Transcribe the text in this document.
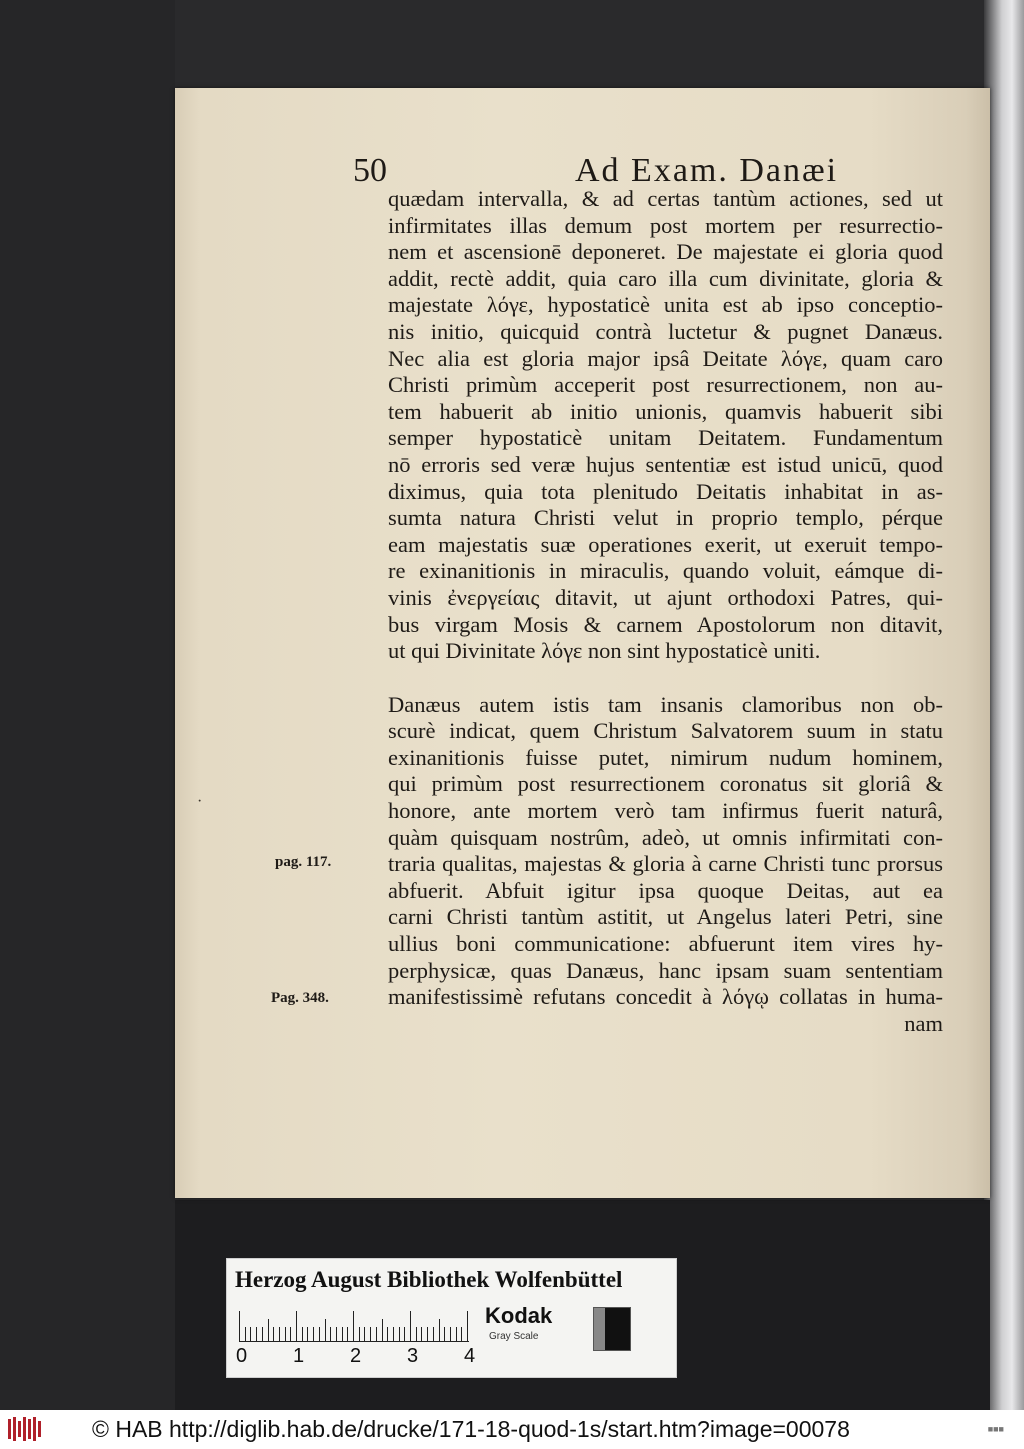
50	Ad Exam. Danæi
quædam intervalla, & ad certas tantùm actiones, sed ut
infirmitates illas demum post mortem per resurrectio-
nem et ascensionē deponeret. De majestate ei gloria quod
addit, rectè addit, quia caro illa cum divinitate, gloria &
majestate λόγε, hypostaticè unita est ab ipso conceptio-
nis initio, quicquid contrà luctetur & pugnet Danæus.
Nec alia est gloria major ipsâ Deitate λόγε, quam caro
Christi primùm acceperit post resurrectionem, non au-
tem habuerit ab initio unionis, quamvis habuerit sibi
semper hypostaticè unitam Deitatem. Fundamentum
nō erroris sed veræ hujus sententiæ est istud unicū, quod
diximus, quia tota plenitudo Deitatis inhabitat in as-
sumta natura Christi velut in proprio templo, pérque
eam majestatis suæ operationes exerit, ut exeruit tempo-
re exinanitionis in miraculis, quando voluit, eámque di-
vinis ἐνεργείαις ditavit, ut ajunt orthodoxi Patres, qui-
bus virgam Mosis & carnem Apostolorum non ditavit,
ut qui Divinitate λόγε non sint hypostaticè uniti.
Danæus autem istis tam insanis clamoribus non ob-
scurè indicat, quem Christum Salvatorem suum in statu
exinanitionis fuisse putet, nimirum nudum hominem,
qui primùm post resurrectionem coronatus sit gloriâ &
honore, ante mortem verò tam infirmus fuerit naturâ,
quàm quisquam nostrûm, adeò, ut omnis infirmitati con-
traria qualitas, majestas & gloria à carne Christi tunc prorsus
abfuerit. Abfuit igitur ipsa quoque Deitas, aut ea
carni Christi tantùm astitit, ut Angelus lateri Petri, sine
ullius boni communicatione: abfuerunt item vires hy-
perphysicæ, quas Danæus, hanc ipsam suam sententiam
manifestissimè refutans concedit à λόγῳ collatas in huma-
nam
pag. 117.
Pag. 348.
·
Herzog August Bibliothek Wolfenbüttel
0 1 2 3 4
Kodak
Gray Scale
© HAB http://diglib.hab.de/drucke/171-18-quod-1s/start.htm?image=00078	■■■
